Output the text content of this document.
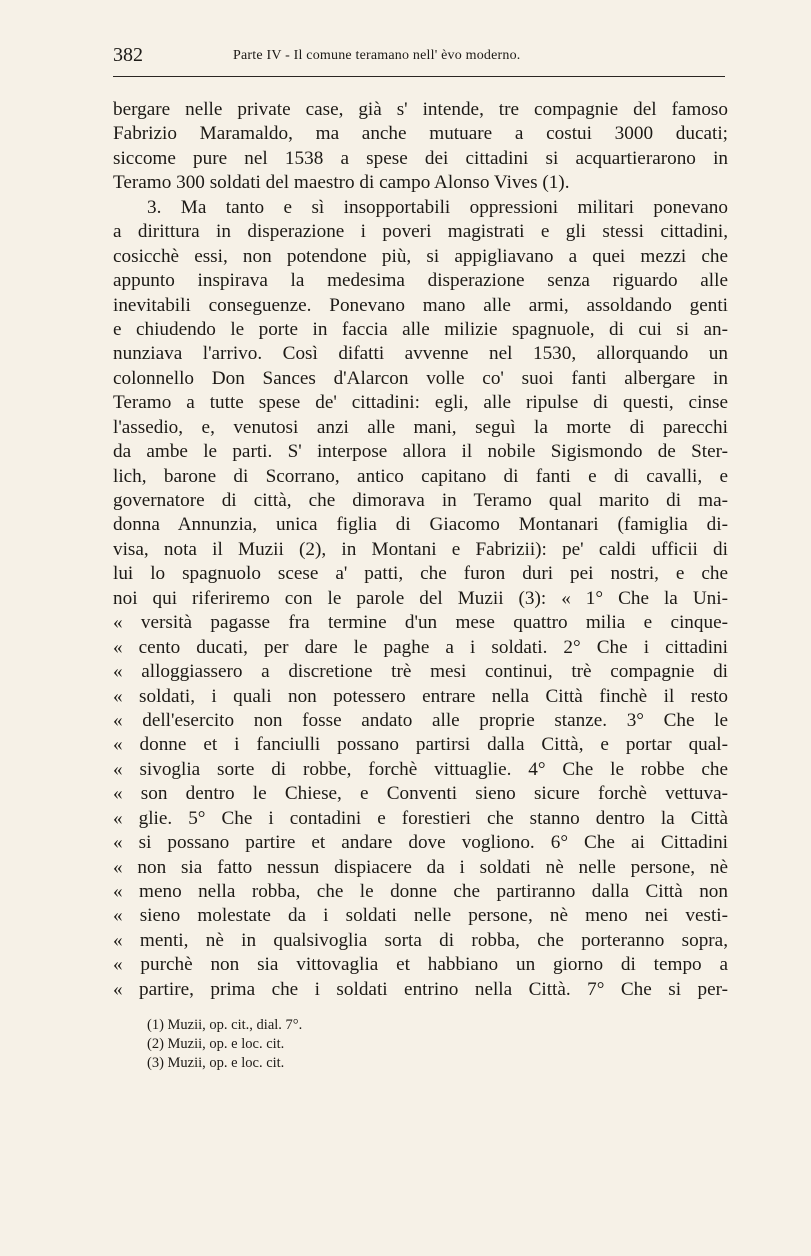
382	Parte IV - Il comune teramano nell' èvo moderno.
bergare nelle private case, già s' intende, tre compagnie del famoso
Fabrizio Maramaldo, ma anche mutuare a costui 3000 ducati;
siccome pure nel 1538 a spese dei cittadini si acquartierarono in
Teramo 300 soldati del maestro di campo Alonso Vives (1).
3. Ma tanto e sì insopportabili oppressioni militari ponevano
a dirittura in disperazione i poveri magistrati e gli stessi cittadini,
cosicchè essi, non potendone più, si appigliavano a quei mezzi che
appunto inspirava la medesima disperazione senza riguardo alle
inevitabili conseguenze. Ponevano mano alle armi, assoldando genti
e chiudendo le porte in faccia alle milizie spagnuole, di cui si an-
nunziava l'arrivo. Così difatti avvenne nel 1530, allorquando un
colonnello Don Sances d'Alarcon volle co' suoi fanti albergare in
Teramo a tutte spese de' cittadini: egli, alle ripulse di questi, cinse
l'assedio, e, venutosi anzi alle mani, seguì la morte di parecchi
da ambe le parti. S' interpose allora il nobile Sigismondo de Ster-
lich, barone di Scorrano, antico capitano di fanti e di cavalli, e
governatore di città, che dimorava in Teramo qual marito di ma-
donna Annunzia, unica figlia di Giacomo Montanari (famiglia di-
visa, nota il Muzii (2), in Montani e Fabrizii): pe' caldi ufficii di
lui lo spagnuolo scese a' patti, che furon duri pei nostri, e che
noi qui riferiremo con le parole del Muzii (3): « 1° Che la Uni-
« versità pagasse fra termine d'un mese quattro milia e cinque-
« cento ducati, per dare le paghe a i soldati. 2° Che i cittadini
« alloggiassero a discretione trè mesi continui, trè compagnie di
« soldati, i quali non potessero entrare nella Città finchè il resto
« dell'esercito non fosse andato alle proprie stanze. 3° Che le
« donne et i fanciulli possano partirsi dalla Città, e portar qual-
« sivoglia sorte di robbe, forchè vittuaglie. 4° Che le robbe che
« son dentro le Chiese, e Conventi sieno sicure forchè vettuva-
« glie. 5° Che i contadini e forestieri che stanno dentro la Città
« si possano partire et andare dove vogliono. 6° Che ai Cittadini
« non sia fatto nessun dispiacere da i soldati nè nelle persone, nè
« meno nella robba, che le donne che partiranno dalla Città non
« sieno molestate da i soldati nelle persone, nè meno nei vesti-
« menti, nè in qualsivoglia sorta di robba, che porteranno sopra,
« purchè non sia vittovaglia et habbiano un giorno di tempo a
« partire, prima che i soldati entrino nella Città. 7° Che si per-
(1) Muzii, op. cit., dial. 7°.
(2) Muzii, op. e loc. cit.
(3) Muzii, op. e loc. cit.
